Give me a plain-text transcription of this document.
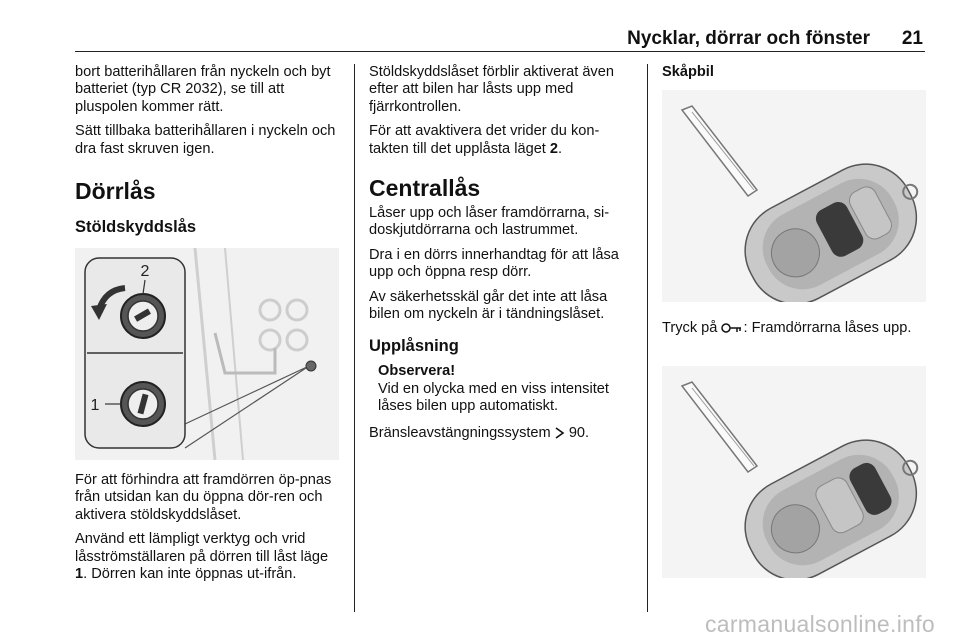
Nycklar, dörrar och fönster	21

bort batterihållaren från nyckeln och byt batteriet (typ CR 2032), se till att pluspolen kommer rätt.

Sätt tillbaka batterihållaren i nyckeln och dra fast skruven igen.

Dörrlås
Stöldskyddslås
2
1

För att förhindra att framdörren öp-pnas från utsidan kan du öppna dör-ren och aktivera stöldskyddslåset.

Använd ett lämpligt verktyg och vrid låsströmställaren på dörren till låst läge 1. Dörren kan inte öppnas ut-ifrån.

Stöldskyddslåset förblir aktiverat även efter att bilen har låsts upp med fjärrkontrollen.

För att avaktivera det vrider du kon-takten till det upplåsta läget 2.

Centrallås

Låser upp och låser framdörrarna, si-doskjutdörrarna och lastrummet.

Dra i en dörrs innerhandtag för att låsa upp och öppna resp dörr.

Av säkerhetsskäl går det inte att låsa bilen om nyckeln är i tändningslåset.

Upplåsning
Observera!
Vid en olycka med en viss intensitet låses bilen upp automatiskt.

Bränsleavstängningssystem  90.

Skåpbil

Tryck på : Framdörrarna låses upp.

carmanualsonline.info
